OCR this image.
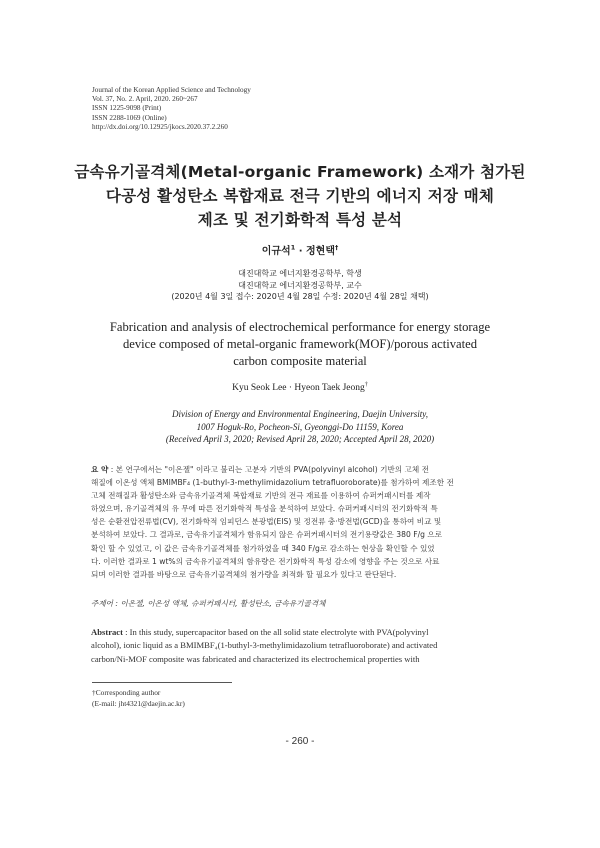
Journal of the Korean Applied Science and Technology
Vol. 37, No. 2. April, 2020. 260~267
ISSN 1225-9098 (Print)
ISSN 2288-1069 (Online)
http://dx.doi.org/10.12925/jkocs.2020.37.2.260
금속유기골격체(Metal-organic Framework) 소재가 첨가된
다공성 활성탄소 복합재료 전극 기반의 에너지 저장 매체
제조 및 전기화학적 특성 분석
이규석$^1$ · 정현택†
대진대학교 에너지환경공학부, 학생
대진대학교 에너지환경공학부, 교수
(2020년 4월 3일 접수: 2020년 4월 28일 수정: 2020년 4월 28일 채택)
Fabrication and analysis of electrochemical performance for energy storage
device composed of metal-organic framework(MOF)/porous activated
carbon composite material
Kyu Seok Lee · Hyeon Taek Jeong†
Division of Energy and Environmental Engineering, Daejin University,
1007 Hoguk-Ro, Pocheon-Si, Gyeonggi-Do 11159, Korea
(Received April 3, 2020; Revised April 28, 2020; Accepted April 28, 2020)
요 약 : 본 연구에서는 "이온젤" 이라고 불리는 고분자 기반의 PVA(polyvinyl alcohol) 기반의 고체 전
해질에 이온성 액체 BMIMBF₄ (1-buthyl-3-methylimidazolium tetrafluoroborate)를 첨가하여 제조한 전
고체 전해질과 활성탄소와 금속유기골격체 복합재료 기반의 전극 재료를 이용하여 슈퍼커패시터를 제작
하였으며, 유기골격체의 유 무에 따른 전기화학적 특성을 분석하여 보았다. 슈퍼커패시터의 전기화학적 특
성은 순환전압전류법(CV), 전기화학적 임피던스 분광법(EIS) 및 정전류 충·방전법(GCD)을 통하여 비교 및
분석하여 보았다. 그 결과로, 금속유기골격체가 함유되지 않은 슈퍼커패시터의 전기용량값은 380 F/g 으로
확인 할 수 있었고, 이 값은 금속유기골격체를 첨가하였을 때 340 F/g로 감소하는 현상을 확인할 수 있었
다. 이러한 결과로 1 wt%의 금속유기골격체의 함유량은 전기화학적 특성 감소에 영향을 주는 것으로 사료
되며 이러한 결과를 바탕으로 금속유기골격체의 첨가량을 최적화 할 필요가 있다고 판단된다.
주제어 : 이온젤, 이온성 액체, 슈퍼커패시터, 활성탄소, 금속유기골격체
Abstract : In this study, supercapacitor based on the all solid state electrolyte with PVA(polyvinyl
alcohol), ionic liquid as a BMIMBF₄(1-buthyl-3-methylimidazolium tetrafluoroborate) and activated
carbon/Ni-MOF composite was fabricated and characterized its electrochemical properties with
†Corresponding author
(E-mail: jht4321@daejin.ac.kr)
- 260 -
